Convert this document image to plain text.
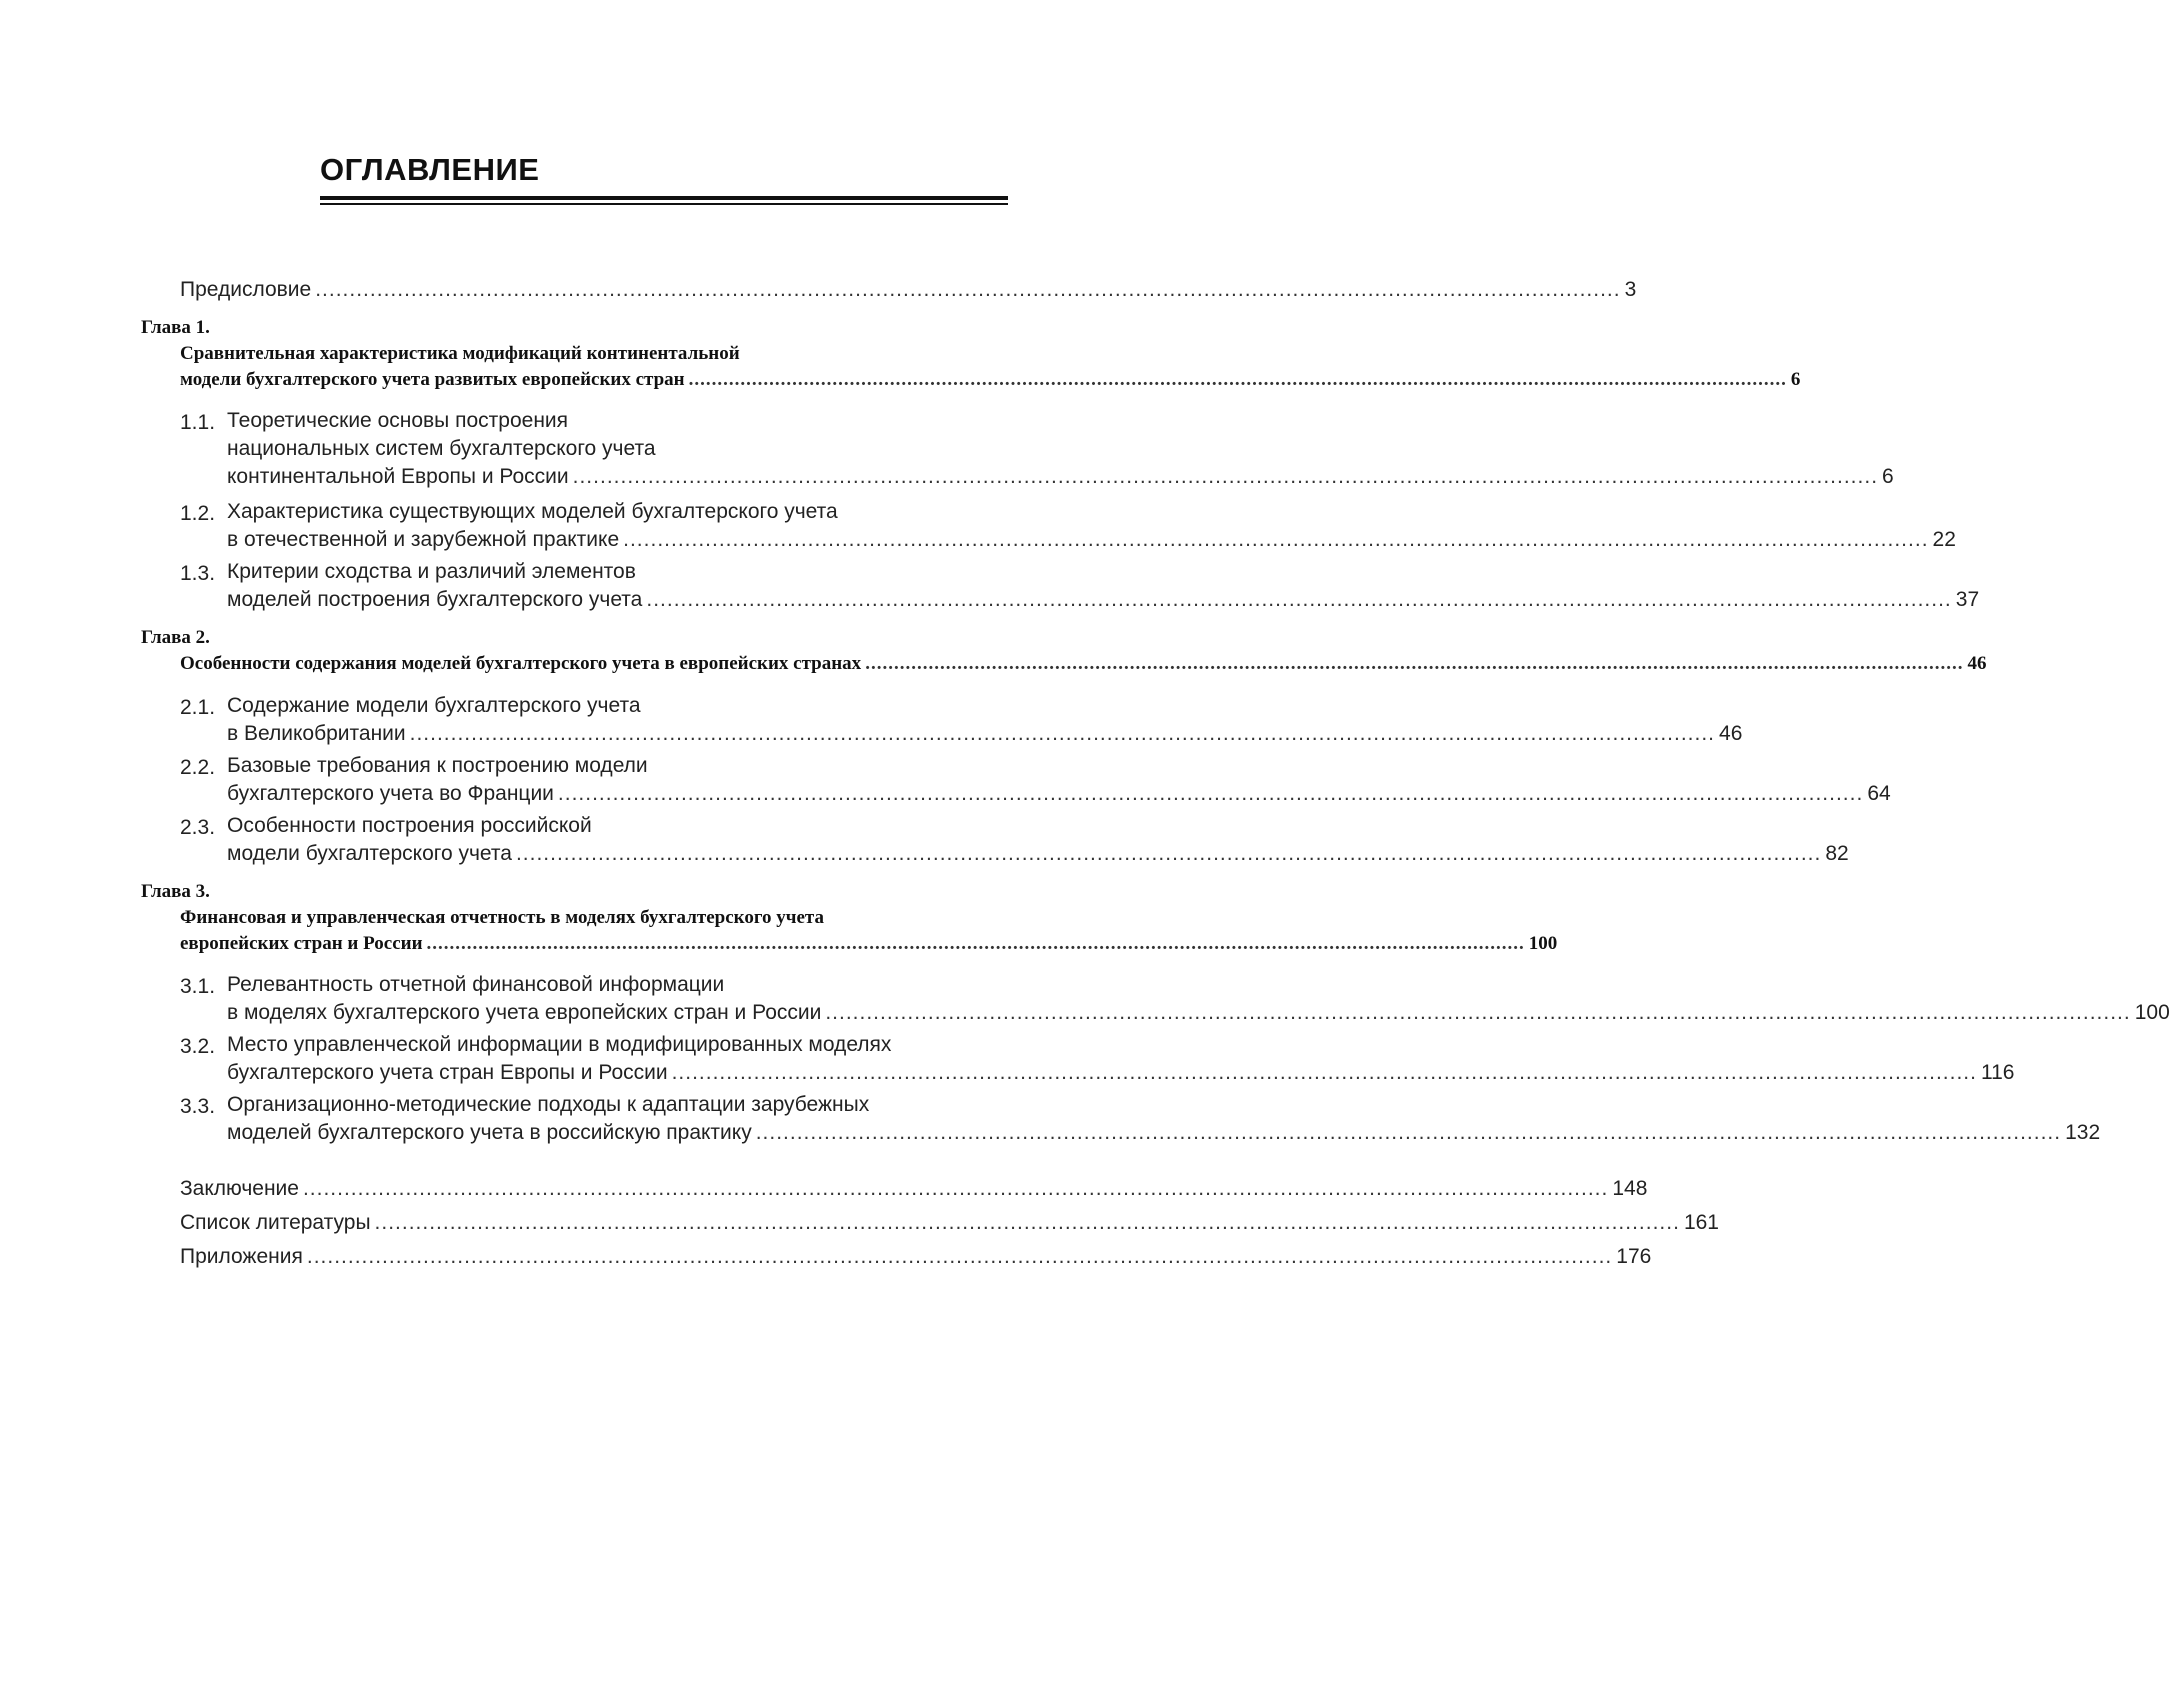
ОГЛАВЛЕНИЕ
Предисловие ............................................................................................................................................................................................... 3
Глава 1.
Сравнительная характеристика модификаций континентальной
модели бухгалтерского учета развитых европейских стран ............................................................................................................................................................................................... 6
1.1. Теоретические основы построения
национальных систем бухгалтерского учета
континентальной Европы и России ............................................................................................................................................................................................... 6
1.2. Характеристика существующих моделей бухгалтерского учета
в отечественной и зарубежной практике ............................................................................................................................................................................................... 22
1.3. Критерии сходства и различий элементов
моделей построения бухгалтерского учета ............................................................................................................................................................................................... 37
Глава 2.
Особенности содержания моделей бухгалтерского учета в европейских странах ............................................................................................................................................................................................... 46
2.1. Содержание модели бухгалтерского учета
в Великобритании ............................................................................................................................................................................................... 46
2.2. Базовые требования к построению модели
бухгалтерского учета во Франции ............................................................................................................................................................................................... 64
2.3. Особенности построения российской
модели бухгалтерского учета ............................................................................................................................................................................................... 82
Глава 3.
Финансовая и управленческая отчетность в моделях бухгалтерского учета
европейских стран и России ............................................................................................................................................................................................... 100
3.1. Релевантность отчетной финансовой информации
в моделях бухгалтерского учета европейских стран и России ............................................................................................................................................................................................... 100
3.2. Место управленческой информации в модифицированных моделях
бухгалтерского учета стран Европы и России ............................................................................................................................................................................................... 116
3.3. Организационно-методические подходы к адаптации зарубежных
моделей бухгалтерского учета в российскую практику ............................................................................................................................................................................................... 132
Заключение ............................................................................................................................................................................................... 148
Список литературы ............................................................................................................................................................................................... 161
Приложения ............................................................................................................................................................................................... 176
